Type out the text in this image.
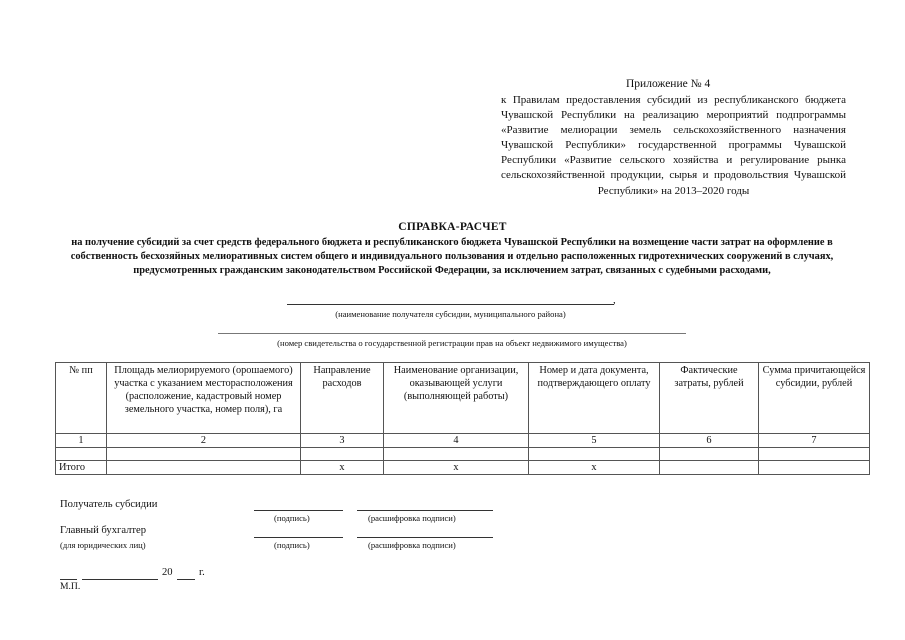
Приложение № 4
к Правилам предоставления субсидий из республиканского бюджета Чувашской Республики на реализацию мероприятий подпрограммы «Развитие мелиорации земель сельскохозяйственного назначения Чувашской Республики» государственной программы Чувашской Республики «Развитие сельского хозяйства и регулирование рынка сельскохозяйственной продукции, сырья и продовольствия Чувашской Республики» на 2013–2020 годы
СПРАВКА-РАСЧЕТ
на получение субсидий за счет средств федерального бюджета и республиканского бюджета Чувашской Республики на возмещение части затрат на оформление в собственность бесхозяйных мелиоративных систем общего и индивидуального пользования и отдельно расположенных гидротехнических сооружений в случаях, предусмотренных гражданским законодательством Российской Федерации, за исключением затрат, связанных с судебными расходами,
,
(наименование получателя субсидии, муниципального района)
(номер свидетельства о государственной регистрации прав на объект недвижимого имущества)
№ пп	Площадь мелиорируемого (орошаемого) участка с указанием месторасположения (расположение, кадастровый номер земельного участка, номер поля), га	Направление расходов	Наименование организации, оказывающей услуги (выполняющей работы)	Номер и дата документа, подтверждающего оплату	Фактические затраты, рублей	Сумма причитающейся субсидии, рублей
1	2	3	4	5	6	7

Итого		х	х	х		
Получатель субсидии
(подпись)	(расшифровка подписи)
Главный бухгалтер
(для юридических лиц)	(подпись)	(расшифровка подписи)
20 г.
М.П.
